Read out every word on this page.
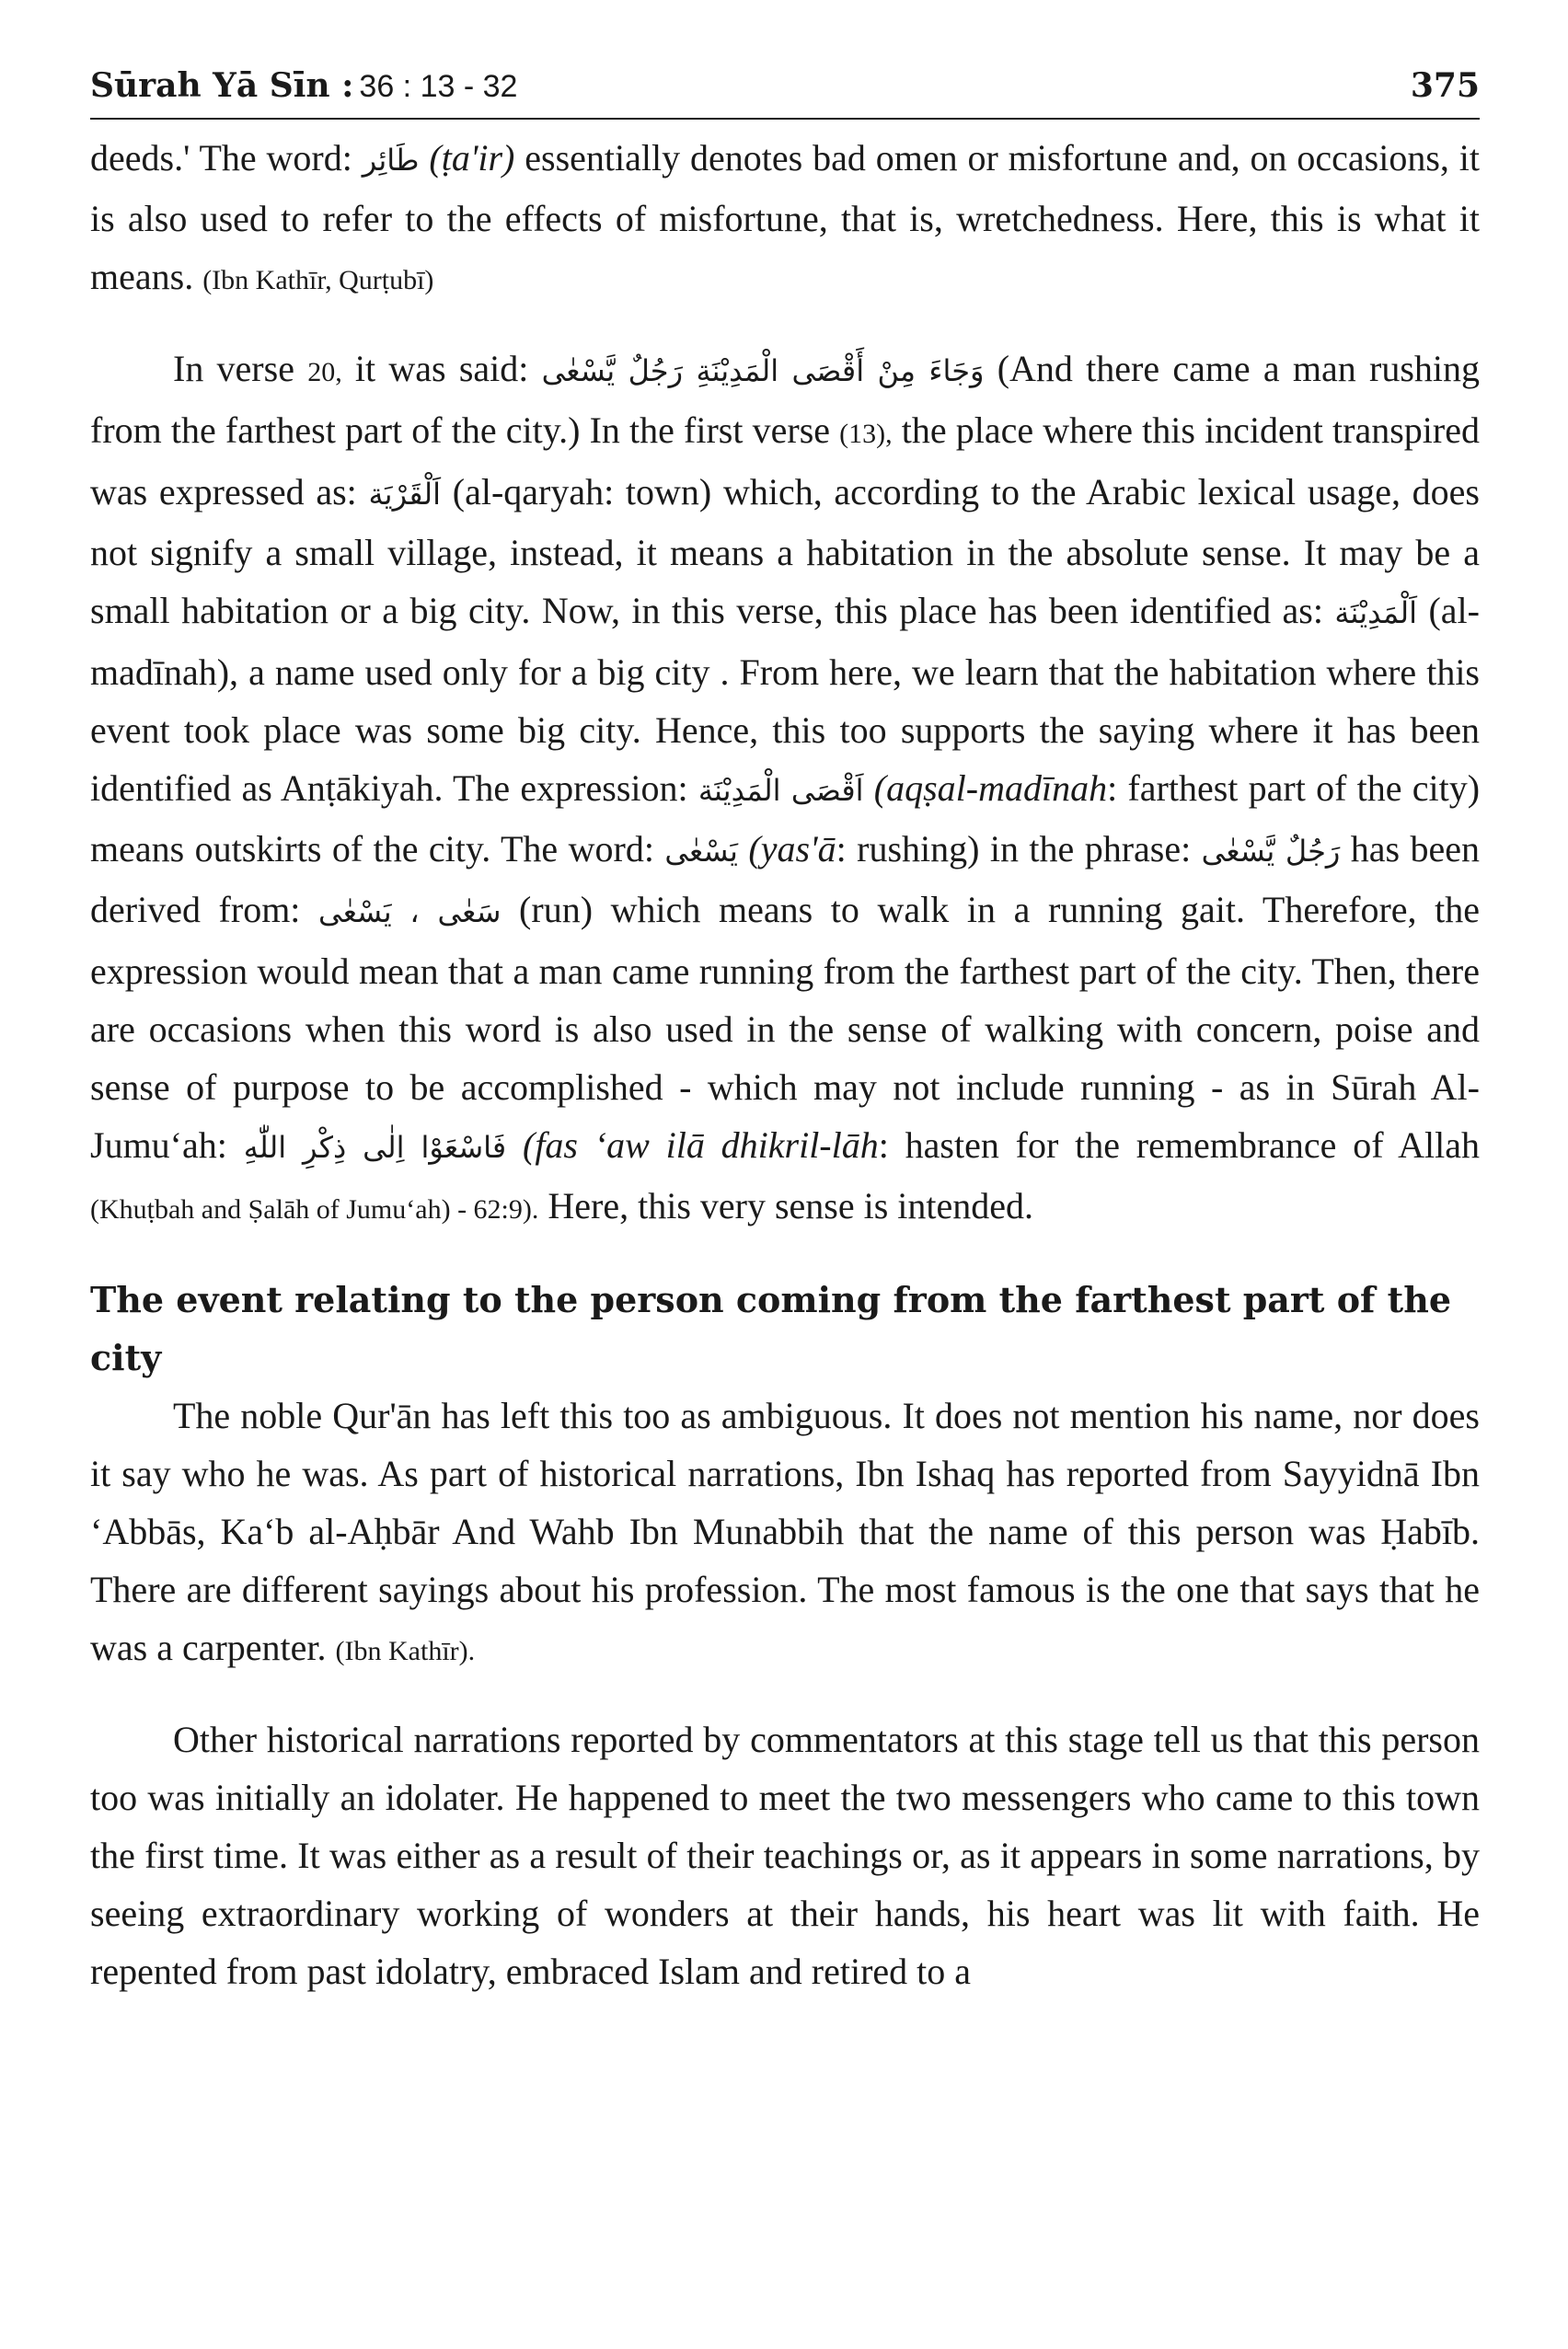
Sūrah Yā Sīn : 36 : 13 - 32	375

deeds.' The word: طَائِر (ṭa'ir) essentially denotes bad omen or misfortune and, on occasions, it is also used to refer to the effects of misfortune, that is, wretchedness. Here, this is what it means. (Ibn Kathīr, Qurṭubī)

In verse 20, it was said: وَجَاءَ مِنْ أَقْصَى الْمَدِيْنَةِ رَجُلٌ يَّسْعٰى (And there came a man rushing from the farthest part of the city.) In the first verse (13), the place where this incident transpired was expressed as: اَلْقَرْيَة (al-qaryah: town) which, according to the Arabic lexical usage, does not signify a small village, instead, it means a habitation in the absolute sense. It may be a small habitation or a big city. Now, in this verse, this place has been identified as: اَلْمَدِيْنَة (al-madīnah), a name used only for a big city . From here, we learn that the habitation where this event took place was some big city. Hence, this too supports the saying where it has been identified as Anṭākiyah. The expression: اَقْصَى الْمَدِيْنَة (aqṣal-madīnah: farthest part of the city) means outskirts of the city. The word: يَسْعٰى (yas'ā: rushing) in the phrase: رَجُلٌ يَّسْعٰى has been derived from: سَعٰى ، يَسْعٰى (run) which means to walk in a running gait. Therefore, the expression would mean that a man came running from the farthest part of the city. Then, there are occasions when this word is also used in the sense of walking with concern, poise and sense of purpose to be accomplished - which may not include running - as in Sūrah Al-Jumu‘ah: فَاسْعَوْا اِلٰى ذِكْرِ اللّٰهِ (fas ‘aw ilā dhikril-lāh: hasten for the remembrance of Allah (Khuṭbah and Ṣalāh of Jumu‘ah) - 62:9). Here, this very sense is intended.

The event relating to the person coming from the farthest part of the city

The noble Qur'ān has left this too as ambiguous. It does not mention his name, nor does it say who he was. As part of historical narrations, Ibn Ishaq has reported from Sayyidnā Ibn ‘Abbās, Ka‘b al-Aḥbār And Wahb Ibn Munabbih that the name of this person was Ḥabīb. There are different sayings about his profession. The most famous is the one that says that he was a carpenter. (Ibn Kathīr).

Other historical narrations reported by commentators at this stage tell us that this person too was initially an idolater. He happened to meet the two messengers who came to this town the first time. It was either as a result of their teachings or, as it appears in some narrations, by seeing extraordinary working of wonders at their hands, his heart was lit with faith. He repented from past idolatry, embraced Islam and retired to a
